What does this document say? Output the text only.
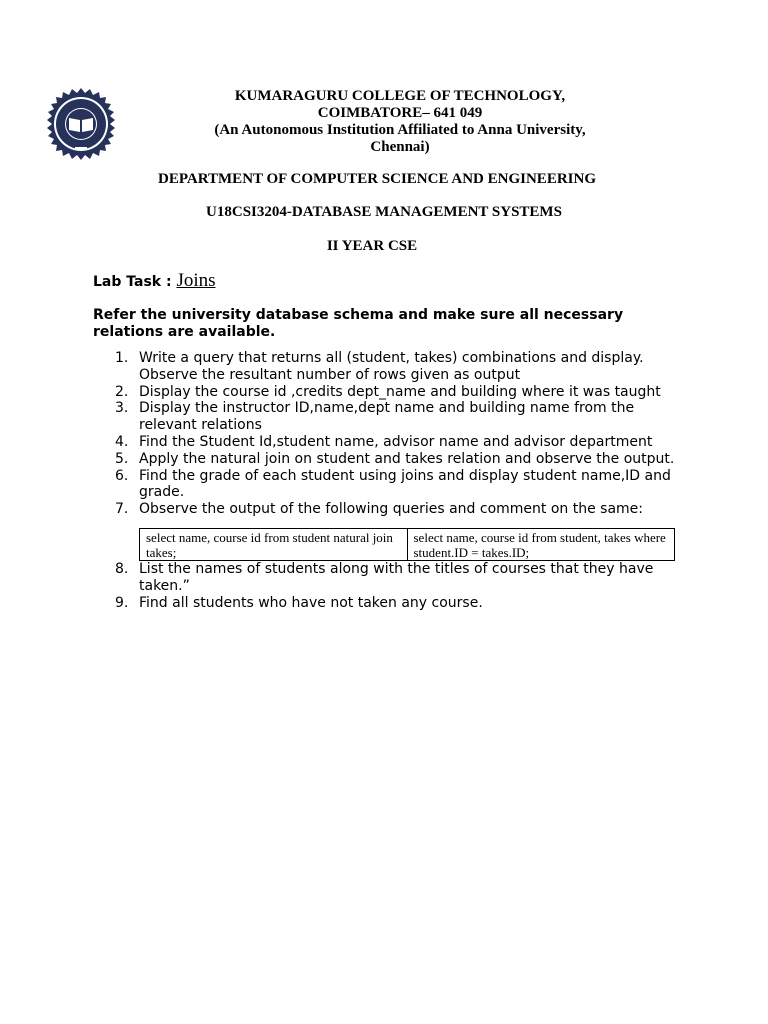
KUMARAGURU COLLEGE OF TECHNOLOGY,
COIMBATORE– 641 049
(An Autonomous Institution Affiliated to Anna University,
Chennai)
DEPARTMENT OF COMPUTER SCIENCE AND ENGINEERING
U18CSI3204-DATABASE MANAGEMENT SYSTEMS
II YEAR CSE
Lab Task : Joins
Refer the university database schema and make sure all necessary relations are available.
1. Write a query that returns all (student, takes) combinations and display. Observe the resultant number of rows given as output
2. Display the course id ,credits dept_name and building where it was taught
3. Display the instructor ID,name,dept name and building name from the relevant relations
4. Find the Student Id,student name, advisor name and advisor department
5. Apply the natural join on student and takes relation and observe the output.
6. Find the grade of each student using joins and display student name,ID and grade.
7. Observe the output of the following queries and comment on the same:
select name, course id from student natural join takes;	select name, course id from student, takes where student.ID = takes.ID;
8. List the names of students along with the titles of courses that they have taken.”
9. Find all students who have not taken any course.
